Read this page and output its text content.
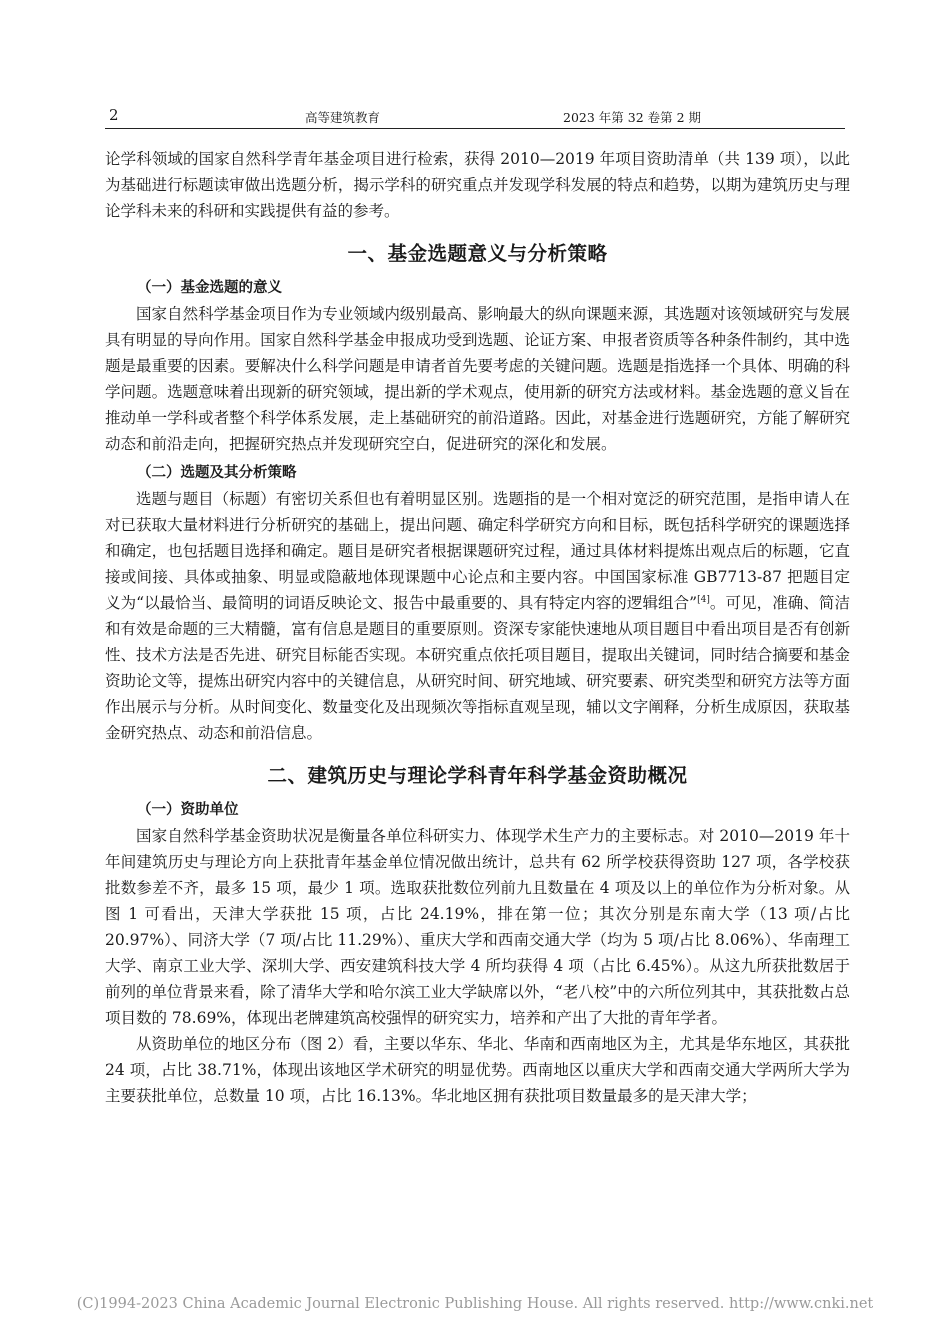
2	高等建筑教育	2023 年第 32 卷第 2 期

论学科领域的国家自然科学青年基金项目进行检索，获得 2010—2019 年项目资助清单（共 139 项），以此为基础进行标题读审做出选题分析，揭示学科的研究重点并发现学科发展的特点和趋势，以期为建筑历史与理论学科未来的科研和实践提供有益的参考。

一、基金选题意义与分析策略
（一）基金选题的意义

国家自然科学基金项目作为专业领域内级别最高、影响最大的纵向课题来源，其选题对该领域研究与发展具有明显的导向作用。国家自然科学基金申报成功受到选题、论证方案、申报者资质等各种条件制约，其中选题是最重要的因素。要解决什么科学问题是申请者首先要考虑的关键问题。选题是指选择一个具体、明确的科学问题。选题意味着出现新的研究领域，提出新的学术观点，使用新的研究方法或材料。基金选题的意义旨在推动单一学科或者整个科学体系发展，走上基础研究的前沿道路。因此，对基金进行选题研究，方能了解研究动态和前沿走向，把握研究热点并发现研究空白，促进研究的深化和发展。

（二）选题及其分析策略

选题与题目（标题）有密切关系但也有着明显区别。选题指的是一个相对宽泛的研究范围，是指申请人在对已获取大量材料进行分析研究的基础上，提出问题、确定科学研究方向和目标，既包括科学研究的课题选择和确定，也包括题目选择和确定。题目是研究者根据课题研究过程，通过具体材料提炼出观点后的标题，它直接或间接、具体或抽象、明显或隐蔽地体现课题中心论点和主要内容。中国国家标准 GB7713-87 把题目定义为“以最恰当、最简明的词语反映论文、报告中最重要的、具有特定内容的逻辑组合”[4]。可见，准确、简洁和有效是命题的三大精髓，富有信息是题目的重要原则。资深专家能快速地从项目题目中看出项目是否有创新性、技术方法是否先进、研究目标能否实现。本研究重点依托项目题目，提取出关键词，同时结合摘要和基金资助论文等，提炼出研究内容中的关键信息，从研究时间、研究地域、研究要素、研究类型和研究方法等方面作出展示与分析。从时间变化、数量变化及出现频次等指标直观呈现，辅以文字阐释，分析生成原因，获取基金研究热点、动态和前沿信息。

二、建筑历史与理论学科青年科学基金资助概况
（一）资助单位

国家自然科学基金资助状况是衡量各单位科研实力、体现学术生产力的主要标志。对 2010—2019 年十年间建筑历史与理论方向上获批青年基金单位情况做出统计，总共有 62 所学校获得资助 127 项，各学校获批数参差不齐，最多 15 项，最少 1 项。选取获批数位列前九且数量在 4 项及以上的单位作为分析对象。从图 1 可看出，天津大学获批 15 项，占比 24.19%，排在第一位；其次分别是东南大学（13 项/占比 20.97%）、同济大学（7 项/占比 11.29%）、重庆大学和西南交通大学（均为 5 项/占比 8.06%）、华南理工大学、南京工业大学、深圳大学、西安建筑科技大学 4 所均获得 4 项（占比 6.45%）。从这九所获批数居于前列的单位背景来看，除了清华大学和哈尔滨工业大学缺席以外，“老八校”中的六所位列其中，其获批数占总项目数的 78.69%，体现出老牌建筑高校强悍的研究实力，培养和产出了大批的青年学者。

从资助单位的地区分布（图 2）看，主要以华东、华北、华南和西南地区为主，尤其是华东地区，其获批 24 项，占比 38.71%，体现出该地区学术研究的明显优势。西南地区以重庆大学和西南交通大学两所大学为主要获批单位，总数量 10 项，占比 16.13%。华北地区拥有获批项目数量最多的是天津大学；

(C)1994-2023 China Academic Journal Electronic Publishing House. All rights reserved. http://www.cnki.net
